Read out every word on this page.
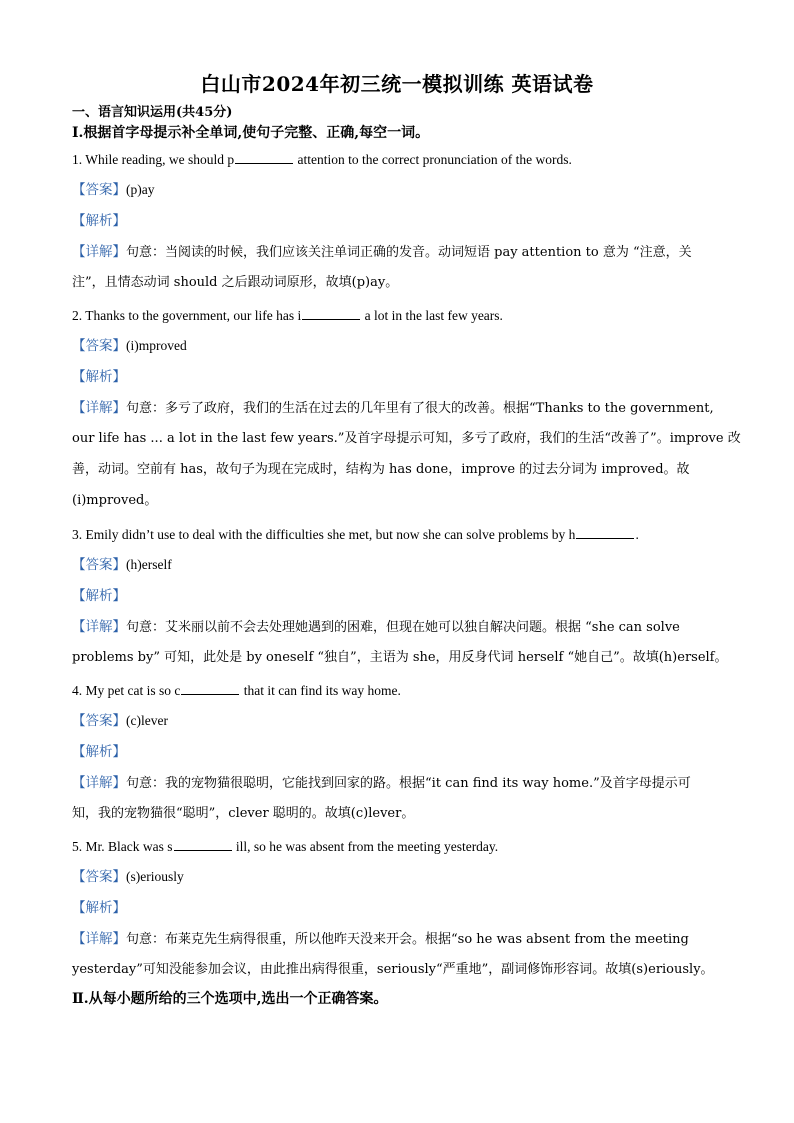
白山市2024年初三统一模拟训练 英语试卷
一、语言知识运用(共45分)
Ⅰ.根据首字母提示补全单词,使句子完整、正确,每空一词。
1. While reading, we should p	attention to the correct pronunciation of the words.
【答案】(p)ay
【解析】
【详解】句意：当阅读的时候，我们应该关注单词正确的发音。动词短语 pay attention to 意为 “注意，关
注”，且情态动词 should 之后跟动词原形，故填(p)ay。
2. Thanks to the government, our life has i	a lot in the last few years.
【答案】(i)mproved
【解析】
【详解】句意：多亏了政府，我们的生活在过去的几年里有了很大的改善。根据“Thanks to the government,
our life has ... a lot in the last few years.”及首字母提示可知，多亏了政府，我们的生活“改善了”。improve 改
善，动词。空前有 has，故句子为现在完成时，结构为 has done，improve 的过去分词为 improved。故
(i)mproved。
3. Emily didn’t use to deal with the difficulties she met, but now she can solve problems by h	.
【答案】(h)erself
【解析】
【详解】句意：艾米丽以前不会去处理她遇到的困难，但现在她可以独自解决问题。根据 “she can solve
problems by” 可知，此处是 by oneself “独自”，主语为 she，用反身代词 herself “她自己”。故填(h)erself。
4. My pet cat is so c	that it can find its way home.
【答案】(c)lever
【解析】
【详解】句意：我的宠物猫很聪明，它能找到回家的路。根据“it can find its way home.”及首字母提示可
知，我的宠物猫很“聪明”，clever 聪明的。故填(c)lever。
5. Mr. Black was s	ill, so he was absent from the meeting yesterday.
【答案】(s)eriously
【解析】
【详解】句意：布莱克先生病得很重，所以他昨天没来开会。根据“so he was absent from the meeting
yesterday”可知没能参加会议，由此推出病得很重，seriously“严重地”，副词修饰形容词。故填(s)eriously。
Ⅱ.从每小题所给的三个选项中,选出一个正确答案。
